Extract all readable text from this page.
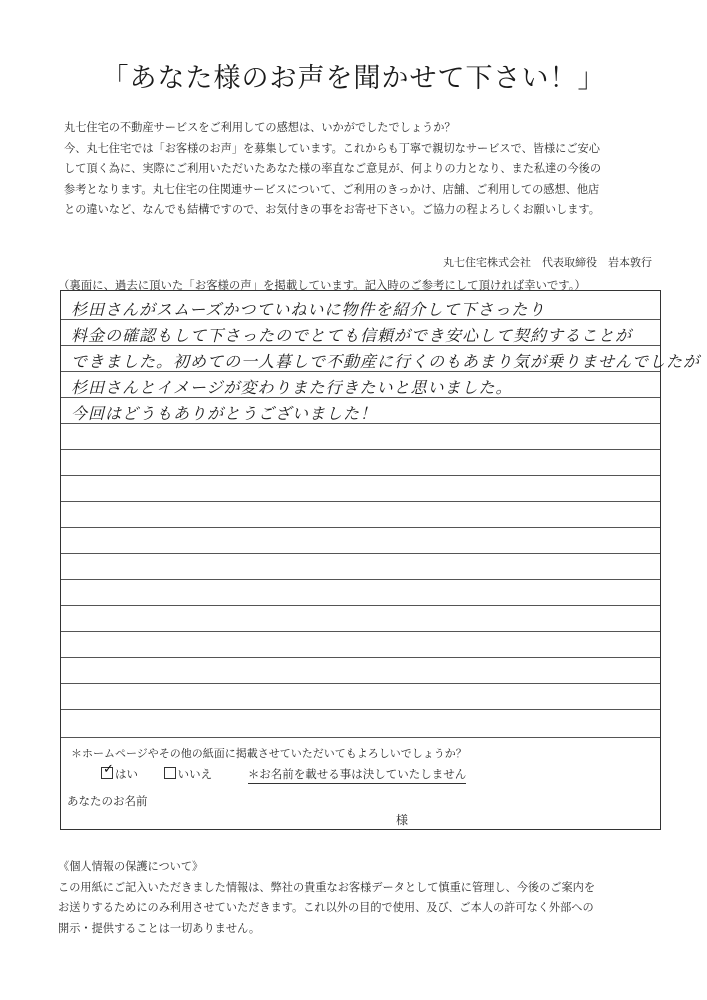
「あなた様のお声を聞かせて下さい！」

丸七住宅の不動産サービスをご利用しての感想は、いかがでしたでしょうか？

今、丸七住宅では「お客様のお声」を募集しています。これからも丁寧で親切なサービスで、皆様にご安心

して頂く為に、実際にご利用いただいたあなた様の率直なご意見が、何よりの力となり、また私達の今後の

参考となります。丸七住宅の住関連サービスについて、ご利用のきっかけ、店舗、ご利用しての感想、他店

との違いなど、なんでも結構ですので、お気付きの事をお寄せ下さい。ご協力の程よろしくお願いします。

丸七住宅株式会社　代表取締役　岩本敦行
（裏面に、過去に頂いた「お客様の声」を掲載しています。記入時のご参考にして頂ければ幸いです。）
杉田さんがスムーズかつていねいに物件を紹介して下さったり
料金の確認もして下さったのでとても信頼ができ安心して契約することが
できました。初めての一人暮しで不動産に行くのもあまり気が乗りませんでしたが
杉田さんとイメージが変わりまた行きたいと思いました。
今回はどうもありがとうございました！
＊ホームページやその他の紙面に掲載させていただいてもよろしいでしょうか？
✓ はい	いいえ	＊お名前を載せる事は決していたしません
あなたのお名前
様

《個人情報の保護について》

この用紙にご記入いただきました情報は、弊社の貴重なお客様データとして慎重に管理し、今後のご案内を

お送りするためにのみ利用させていただきます。これ以外の目的で使用、及び、ご本人の許可なく外部への

開示・提供することは一切ありません。
